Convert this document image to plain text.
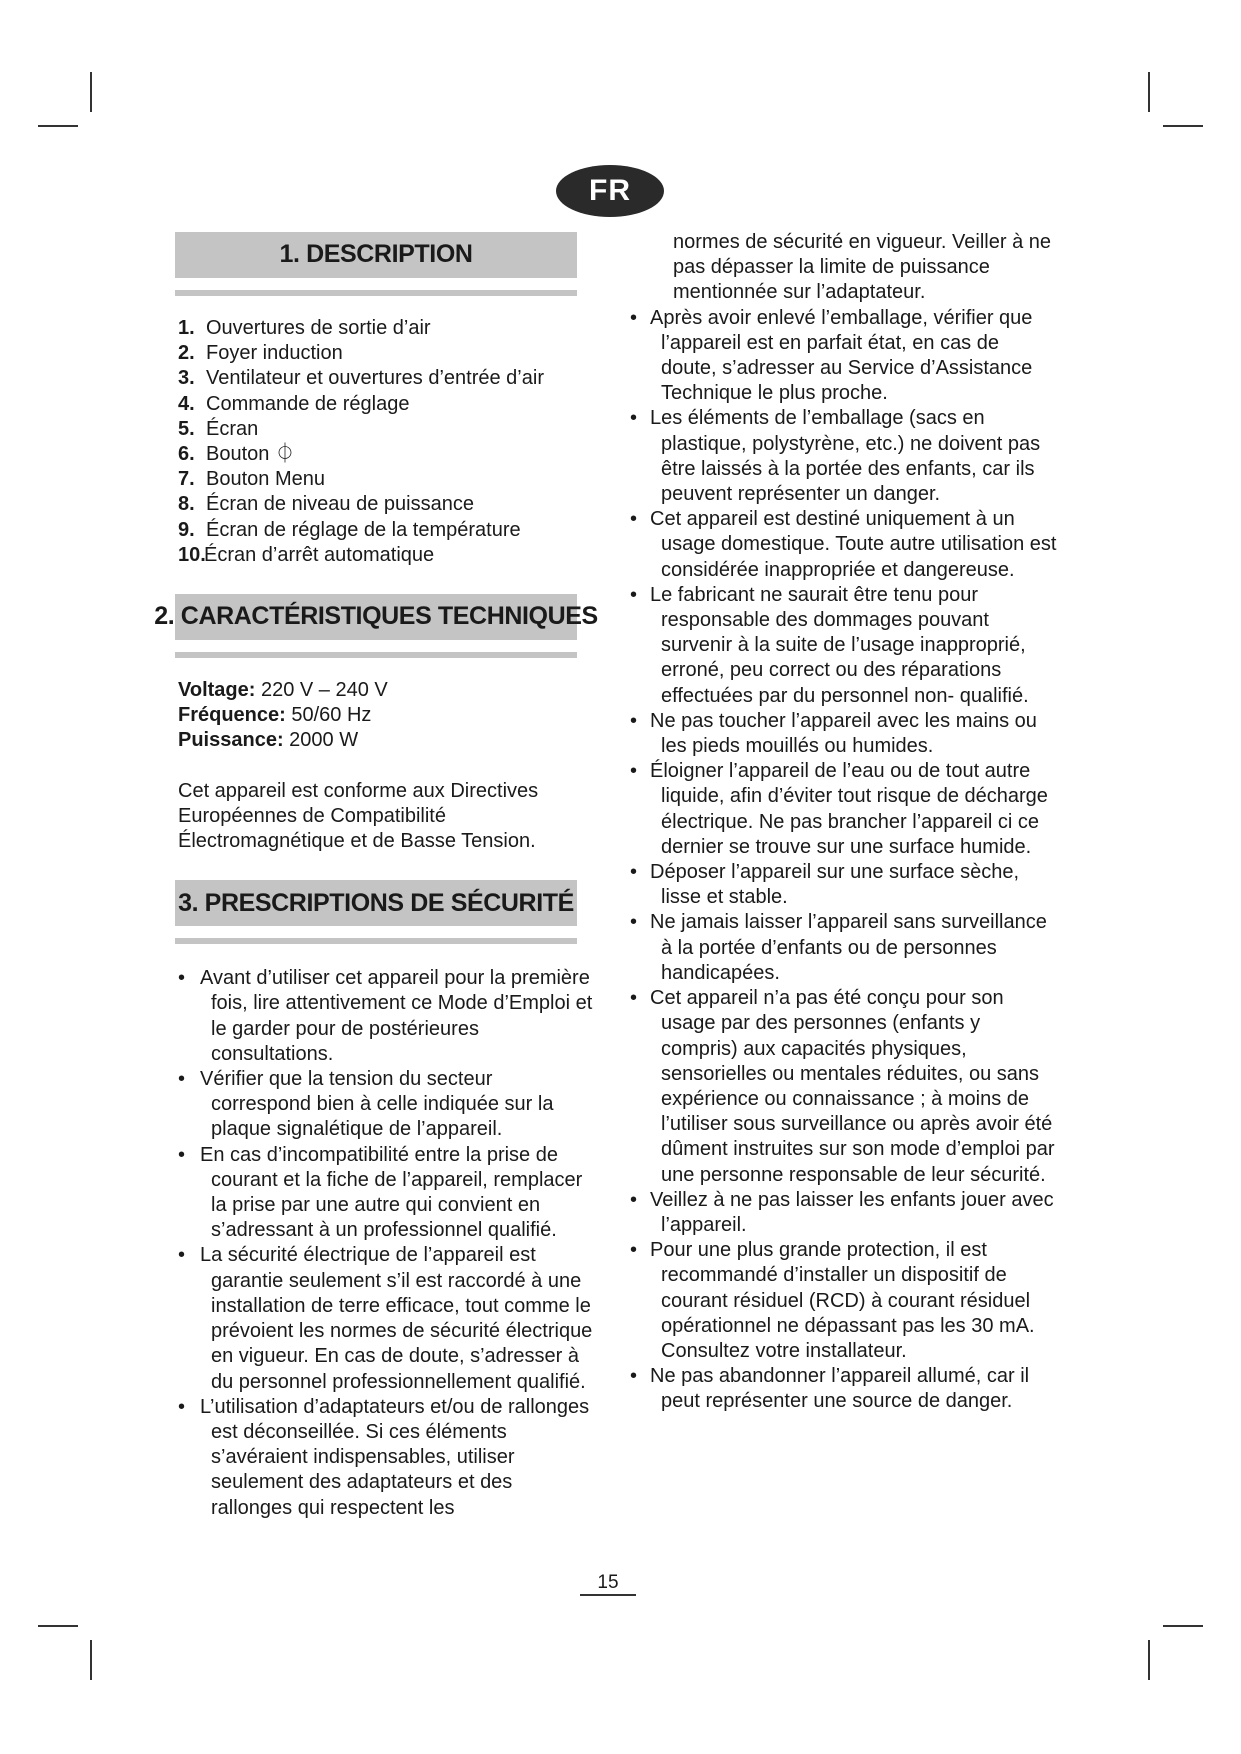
FR
1. DESCRIPTION
1. Ouvertures de sortie d’air
2. Foyer induction
3. Ventilateur et ouvertures d’entrée d’air
4. Commande de réglage
5. Écran
6. Bouton ⏀
7. Bouton Menu
8. Écran de niveau de puissance
9. Écran de réglage de la température
10.
Écran d’arrêt automatique
2. CARACTÉRISTIQUES TECHNIQUES
Voltage: 220 V – 240 V
Fréquence: 50/60 Hz
Puissance: 2000 W
Cet appareil est conforme aux Directives Européennes de Compatibilité Électromagnétique et de Basse Tension.
3. PRESCRIPTIONS DE SÉCURITÉ
• Avant d’utiliser cet appareil pour la première fois, lire attentivement ce Mode d’Emploi et le garder pour de postérieures consultations.
• Vérifier que la tension du secteur correspond bien à celle indiquée sur la plaque signalétique de l’appareil.
• En cas d’incompatibilité entre la prise de courant et la fiche de l’appareil, remplacer la prise par une autre qui convient en s’adressant à un professionnel qualifié.
• La sécurité électrique de l’appareil est garantie seulement s’il est raccordé à une installation de terre efficace, tout comme le prévoient les normes de sécurité électrique en vigueur. En cas de doute, s’adresser à du personnel professionnellement qualifié.
• L’utilisation d’adaptateurs et/ou de rallonges est déconseillée. Si ces éléments s’avéraient indispensables, utiliser seulement des adaptateurs et des rallonges qui respectent les
normes de sécurité en vigueur. Veiller à ne pas dépasser la limite de puissance mentionnée sur l’adaptateur.
• Après avoir enlevé l’emballage, vérifier que l’appareil est en parfait état, en cas de doute, s’adresser au Service d’Assistance Technique le plus proche.
• Les éléments de l’emballage (sacs en plastique, polystyrène, etc.) ne doivent pas être laissés à la portée des enfants, car ils peuvent représenter un danger.
• Cet appareil est destiné uniquement à un usage domestique. Toute autre utilisation est considérée inappropriée et dangereuse.
• Le fabricant ne saurait être tenu pour responsable des dommages pouvant survenir à la suite de l’usage inapproprié, erroné, peu correct ou des réparations effectuées par du personnel non- qualifié.
• Ne pas toucher l’appareil avec les mains ou les pieds mouillés ou humides.
• Éloigner l’appareil de l’eau ou de tout autre liquide, afin d’éviter tout risque de décharge électrique. Ne pas brancher l’appareil ci ce dernier se trouve sur une surface humide.
• Déposer l’appareil sur une surface sèche, lisse et stable.
• Ne jamais laisser l’appareil sans surveillance à la portée d’enfants ou de personnes handicapées.
• Cet appareil n’a pas été conçu pour son usage par des personnes (enfants y compris) aux capacités physiques, sensorielles ou mentales réduites, ou sans expérience ou connaissance ; à moins de l’utiliser sous surveillance ou après avoir été dûment instruites sur son mode d’emploi par une personne responsable de leur sécurité.
• Veillez à ne pas laisser les enfants jouer avec l’appareil.
• Pour une plus grande protection, il est recommandé d’installer un dispositif de courant résiduel (RCD) à courant résiduel opérationnel ne dépassant pas les 30 mA. Consultez votre installateur.
• Ne pas abandonner l’appareil allumé, car il peut représenter une source de danger.
15
